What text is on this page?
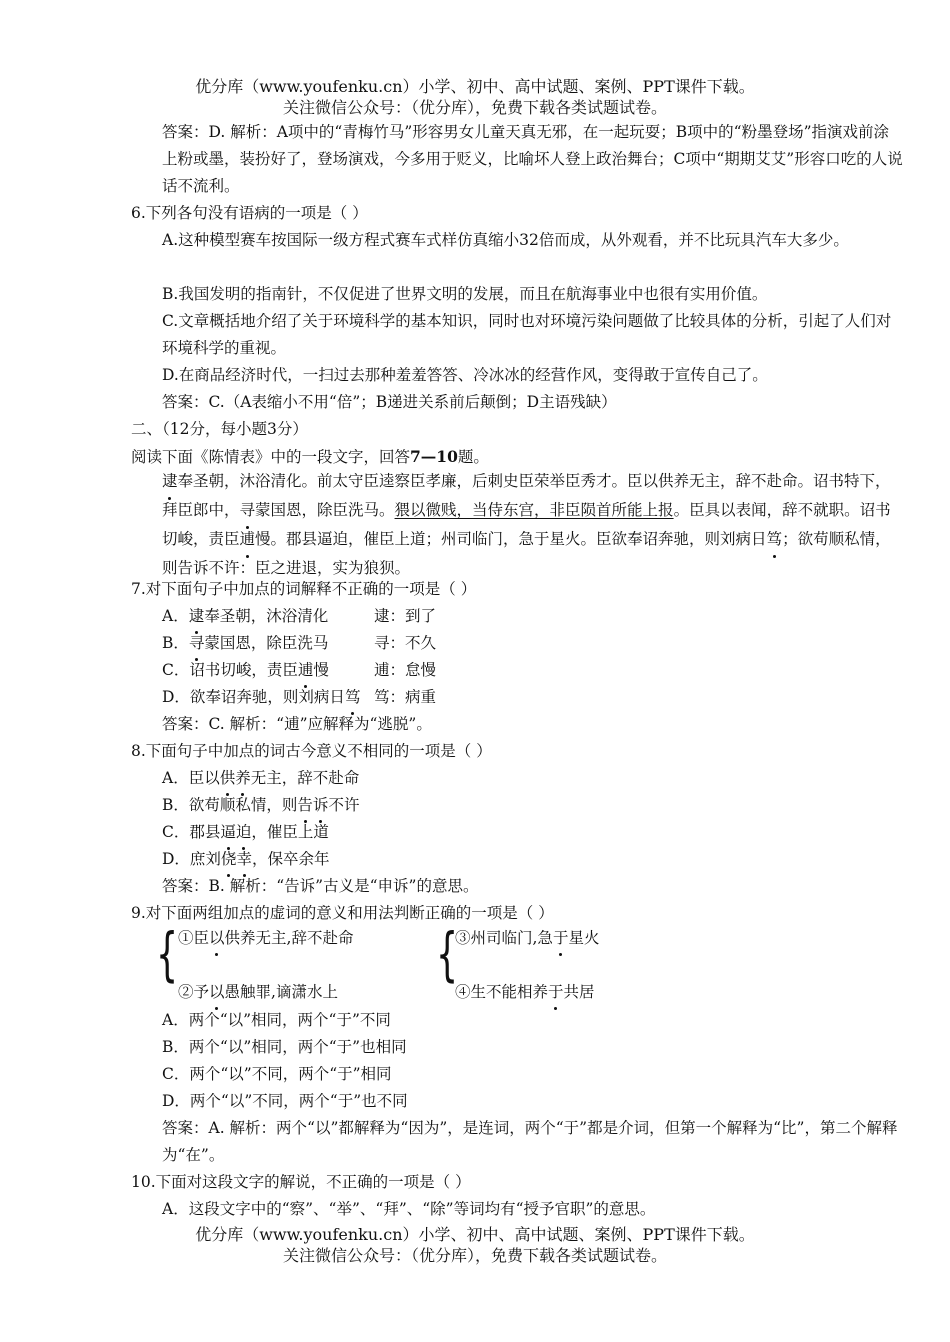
优分库（www.youfenku.cn）小学、初中、高中试题、案例、PPT课件下载。
关注微信公众号：（优分库），免费下载各类试题试卷。
答案：D. 解析：A项中的“青梅竹马”形容男女儿童天真无邪，在一起玩耍；B项中的“粉墨登场”指演戏前涂上粉或墨，装扮好了，登场演戏，今多用于贬义，比喻坏人登上政治舞台；C项中“期期艾艾”形容口吃的人说话不流利。
6.下列各句没有语病的一项是（ ）
A.这种模型赛车按国际一级方程式赛车式样仿真缩小32倍而成，从外观看，并不比玩具汽车大多少。
B.我国发明的指南针，不仅促进了世界文明的发展，而且在航海事业中也很有实用价值。
C.文章概括地介绍了关于环境科学的基本知识，同时也对环境污染问题做了比较具体的分析，引起了人们对环境科学的重视。
D.在商品经济时代，一扫过去那种羞羞答答、冷冰冰的经营作风，变得敢于宣传自己了。
答案：C.（A表缩小不用“倍”；B递进关系前后颠倒；D主语残缺）
二、（12分，每小题3分）
阅读下面《陈情表》中的一段文字，回答7—10题。
逮奉圣朝，沐浴清化。前太守臣逵察臣孝廉，后刺史臣荣举臣秀才。臣以供养无主，辞不赴命。诏书特下，拜臣郎中，寻蒙国恩，除臣洗马。猥以微贱，当侍东宫，非臣陨首所能上报。臣具以表闻，辞不就职。诏书切峻，责臣逋慢。郡县逼迫，催臣上道；州司临门，急于星火。臣欲奉诏奔驰，则刘病日笃；欲苟顺私情，则告诉不许：臣之进退，实为狼狈。
7.对下面句子中加点的词解释不正确的一项是（ ）
A．逮奉圣朝，沐浴清化	逮：到了
B．寻蒙国恩，除臣洗马	寻：不久
C．诏书切峻，责臣逋慢	逋：怠慢
D．欲奉诏奔驰，则刘病日笃 笃：病重
答案：C. 解析：“逋”应解释为“逃脱”。
8.下面句子中加点的词古今意义不相同的一项是（ ）
A．臣以供养无主，辞不赴命
B．欲苟顺私情，则告诉不许
C．郡县逼迫，催臣上道
D．庶刘侥幸，保卒余年
答案：B. 解析：“告诉”古义是“申诉”的意思。
9.对下面两组加点的虚词的意义和用法判断正确的一项是（ ）
{	{
①臣以供养无主,辞不赴命
②予以愚触罪,谪潇水上
③州司临门,急于星火
④生不能相养于共居
A．两个“以”相同，两个“于”不同
B．两个“以”相同，两个“于”也相同
C．两个“以”不同，两个“于”相同
D．两个“以”不同，两个“于”也不同
答案：A. 解析：两个“以”都解释为“因为”，是连词，两个“于”都是介词，但第一个解释为“比”，第二个解释为“在”。
10.下面对这段文字的解说，不正确的一项是（ ）
A．这段文字中的“察”、“举”、“拜”、“除”等词均有“授予官职”的意思。
优分库（www.youfenku.cn）小学、初中、高中试题、案例、PPT课件下载。
关注微信公众号：（优分库），免费下载各类试题试卷。
